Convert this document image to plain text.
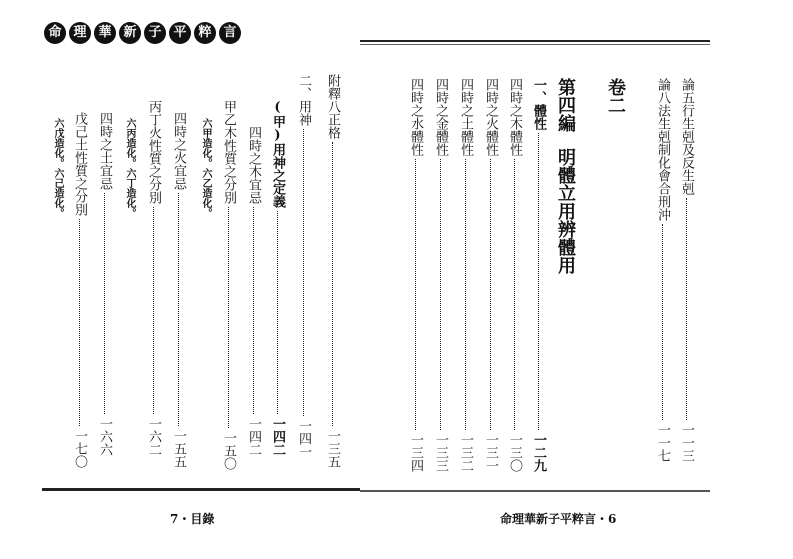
命 理 華 新 子 平 粹 言
論五行生剋及反生剋
一一三
論八法生剋制化會合刑沖
一一七
卷二
第四編
明體立用辨體用
一、體性
一二九
四時之木體性
一三〇
四時之火體性
一三一
四時之土體性
一三二
四時之金體性
一三三
四時之水體性
一三四
附釋八正格
一三五
二、用神
一四一
(甲)用神之定義
一四二
四時之木宜忌
一四二
甲乙木性質之分別
一五〇
六甲造化。六乙造化。
四時之火宜忌
一五五
丙丁火性質之分別
一六二
六丙造化。六丁造化。
四時之土宜忌
一六六
戊己土性質之分別
一七〇
六戊造化。六己造化。
7・目錄	命理華新子平粹言・6
